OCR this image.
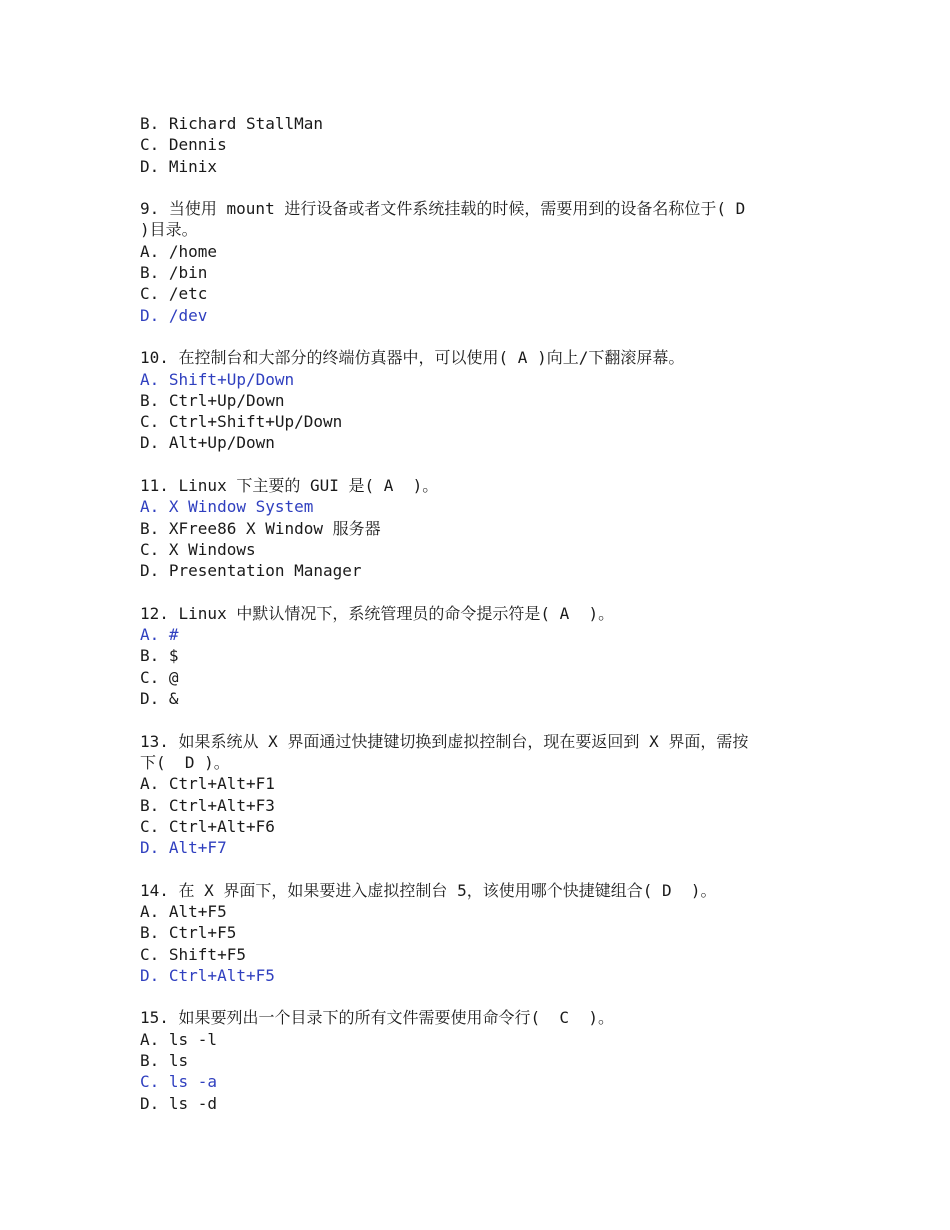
B. Richard StallMan
C. Dennis
D. Minix
9. 当使用 mount 进行设备或者文件系统挂载的时候，需要用到的设备名称位于( D
)目录。
A. /home
B. /bin
C. /etc
D. /dev
10. 在控制台和大部分的终端仿真器中，可以使用( A )向上/下翻滚屏幕。
A. Shift+Up/Down
B. Ctrl+Up/Down
C. Ctrl+Shift+Up/Down
D. Alt+Up/Down
11. Linux 下主要的 GUI 是( A  )。
A. X Window System
B. XFree86 X Window 服务器
C. X Windows
D. Presentation Manager
12. Linux 中默认情况下，系统管理员的命令提示符是( A  )。
A. #
B. $
C. @
D. &
13. 如果系统从 X 界面通过快捷键切换到虚拟控制台，现在要返回到 X 界面，需按
下(  D )。
A. Ctrl+Alt+F1
B. Ctrl+Alt+F3
C. Ctrl+Alt+F6
D. Alt+F7
14. 在 X 界面下，如果要进入虚拟控制台 5，该使用哪个快捷键组合( D  )。
A. Alt+F5
B. Ctrl+F5
C. Shift+F5
D. Ctrl+Alt+F5
15. 如果要列出一个目录下的所有文件需要使用命令行(  C  )。
A. ls -l
B. ls
C. ls -a
D. ls -d
